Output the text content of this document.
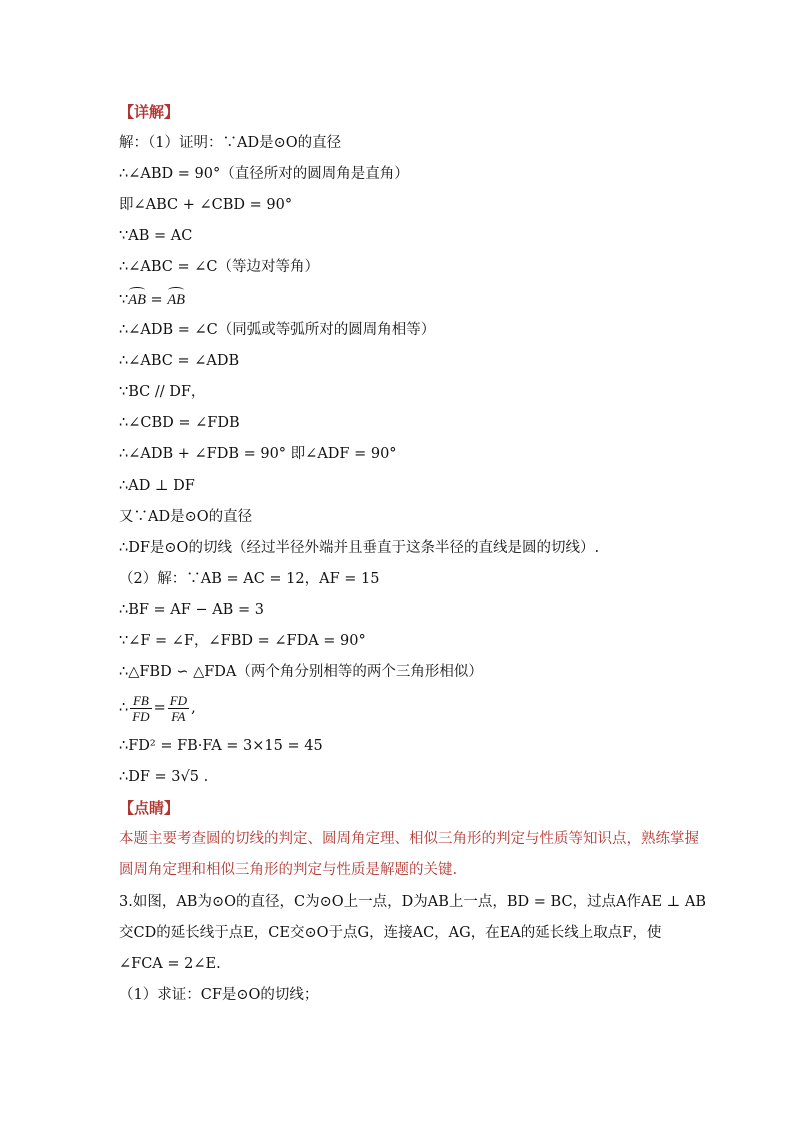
【详解】
解：（1）证明：∵AD是⊙O的直径
∴∠ABD = 90°（直径所对的圆周角是直角）
即∠ABC + ∠CBD = 90°
∵AB = AC
∴∠ABC = ∠C（等边对等角）
∵AB = AB
∴∠ADB = ∠C（同弧或等弧所对的圆周角相等）
∴∠ABC = ∠ADB
∵BC // DF，
∴∠CBD = ∠FDB
∴∠ADB + ∠FDB = 90° 即∠ADF = 90°
∴AD ⊥ DF
又∵AD是⊙O的直径
∴DF是⊙O的切线（经过半径外端并且垂直于这条半径的直线是圆的切线）.
（2）解：∵AB = AC = 12，AF = 15
∴BF = AF − AB = 3
∵∠F = ∠F，∠FBD = ∠FDA = 90°
∴△FBD ∽ △FDA（两个角分别相等的两个三角形相似）
∴ $\frac{FB}{FD} = \frac{FD}{FA}$ ,
∴FD² = FB·FA = 3×15 = 45
∴DF = 3√5 .
【点睛】
本题主要考查圆的切线的判定、圆周角定理、相似三角形的判定与性质等知识点，熟练掌握
圆周角定理和相似三角形的判定与性质是解题的关键.
3.如图，AB为⊙O的直径，C为⊙O上一点，D为AB上一点，BD = BC，过点A作AE ⊥ AB
交CD的延长线于点E，CE交⊙O于点G，连接AC，AG，在EA的延长线上取点F，使
∠FCA = 2∠E.
（1）求证：CF是⊙O的切线；
